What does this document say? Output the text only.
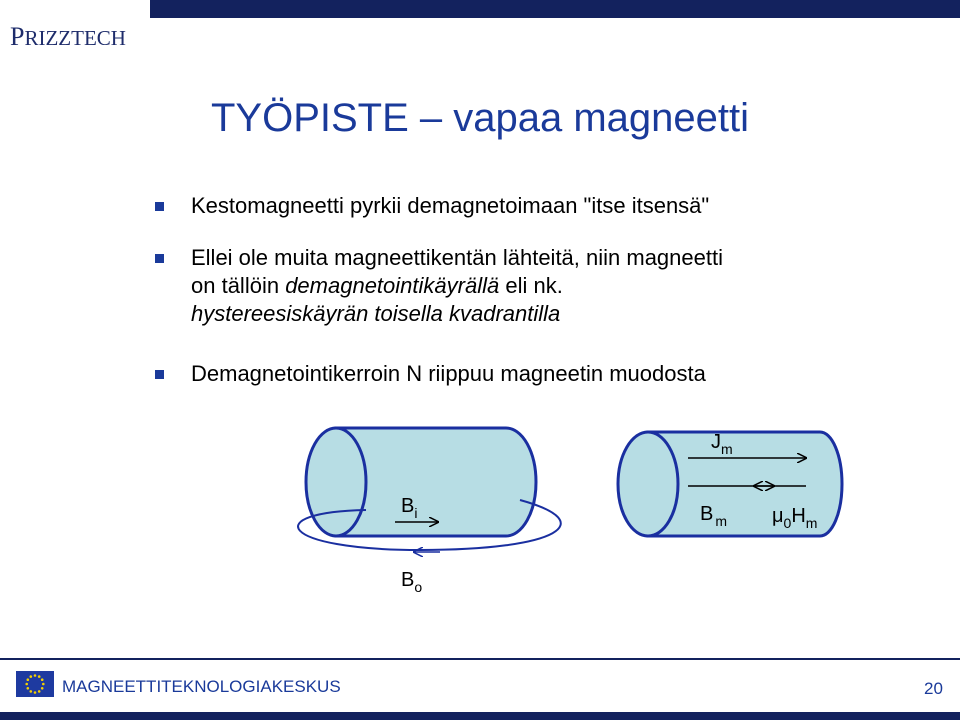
PRIZZTECH
TYÖPISTE – vapaa magneetti
Kestomagneetti pyrkii demagnetoimaan "itse itsensä"
Ellei ole muita magneettikentän lähteitä, niin magneetti
on tällöin demagnetointikäyrällä eli nk.
hystereesiskäyrän toisella kvadrantilla
Demagnetointikerroin N riippuu magneetin muodosta
$B_i$
$B_o$
$J_m$
B $_m$ $\mu_0H_m$
MAGNEETTITEKNOLOGIAKESKUS	20
